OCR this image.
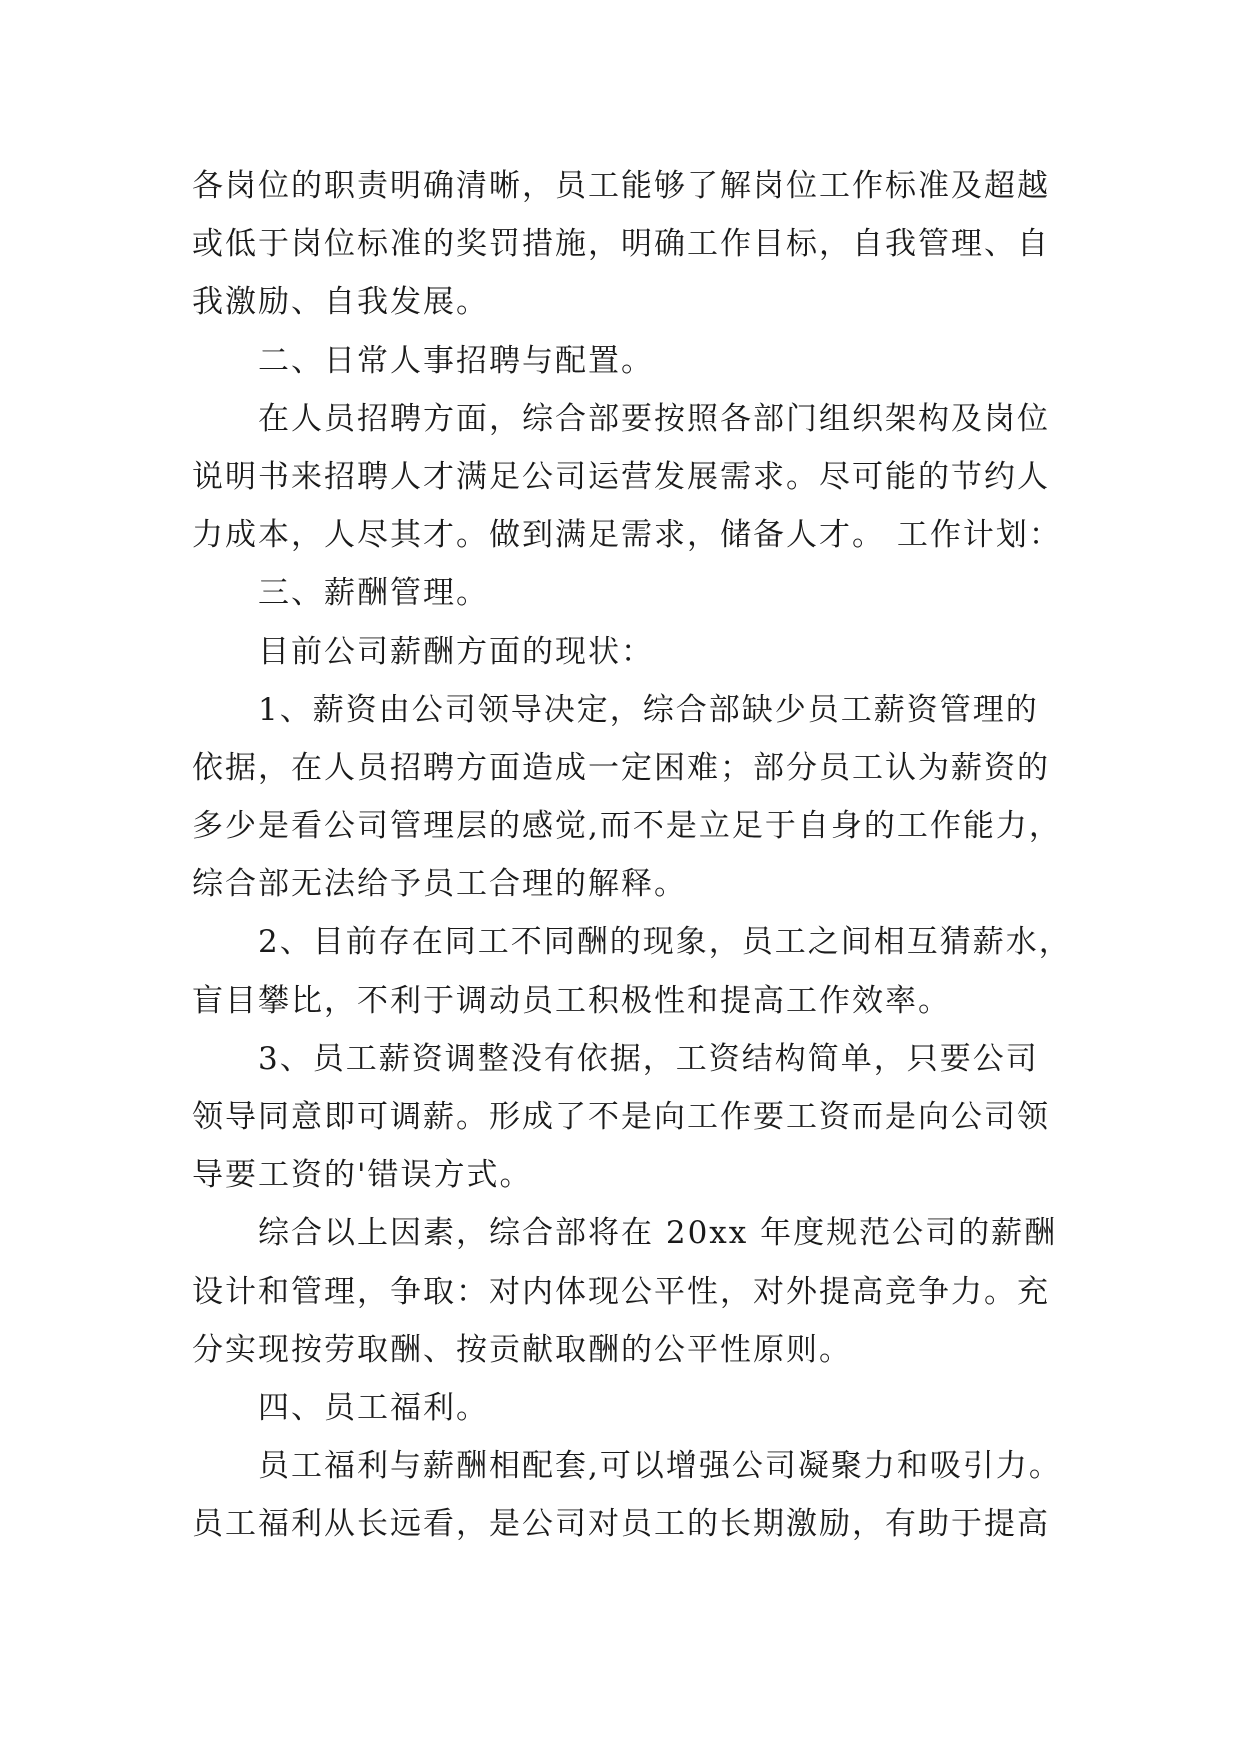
各岗位的职责明确清晰，员工能够了解岗位工作标准及超越
或低于岗位标准的奖罚措施，明确工作目标，自我管理、自
我激励、自我发展。
二、日常人事招聘与配置。
在人员招聘方面，综合部要按照各部门组织架构及岗位
说明书来招聘人才满足公司运营发展需求。尽可能的节约人
力成本，人尽其才。做到满足需求，储备人才。 工作计划：
三、薪酬管理。
目前公司薪酬方面的现状：
1、薪资由公司领导决定，综合部缺少员工薪资管理的
依据，在人员招聘方面造成一定困难；部分员工认为薪资的
多少是看公司管理层的感觉,而不是立足于自身的工作能力，
综合部无法给予员工合理的解释。
2、目前存在同工不同酬的现象，员工之间相互猜薪水，
盲目攀比，不利于调动员工积极性和提高工作效率。
3、员工薪资调整没有依据，工资结构简单，只要公司
领导同意即可调薪。形成了不是向工作要工资而是向公司领
导要工资的'错误方式。
综合以上因素，综合部将在 20xx 年度规范公司的薪酬
设计和管理，争取：对内体现公平性，对外提高竞争力。充
分实现按劳取酬、按贡献取酬的公平性原则。
四、员工福利。
员工福利与薪酬相配套,可以增强公司凝聚力和吸引力。
员工福利从长远看，是公司对员工的长期激励，有助于提高
